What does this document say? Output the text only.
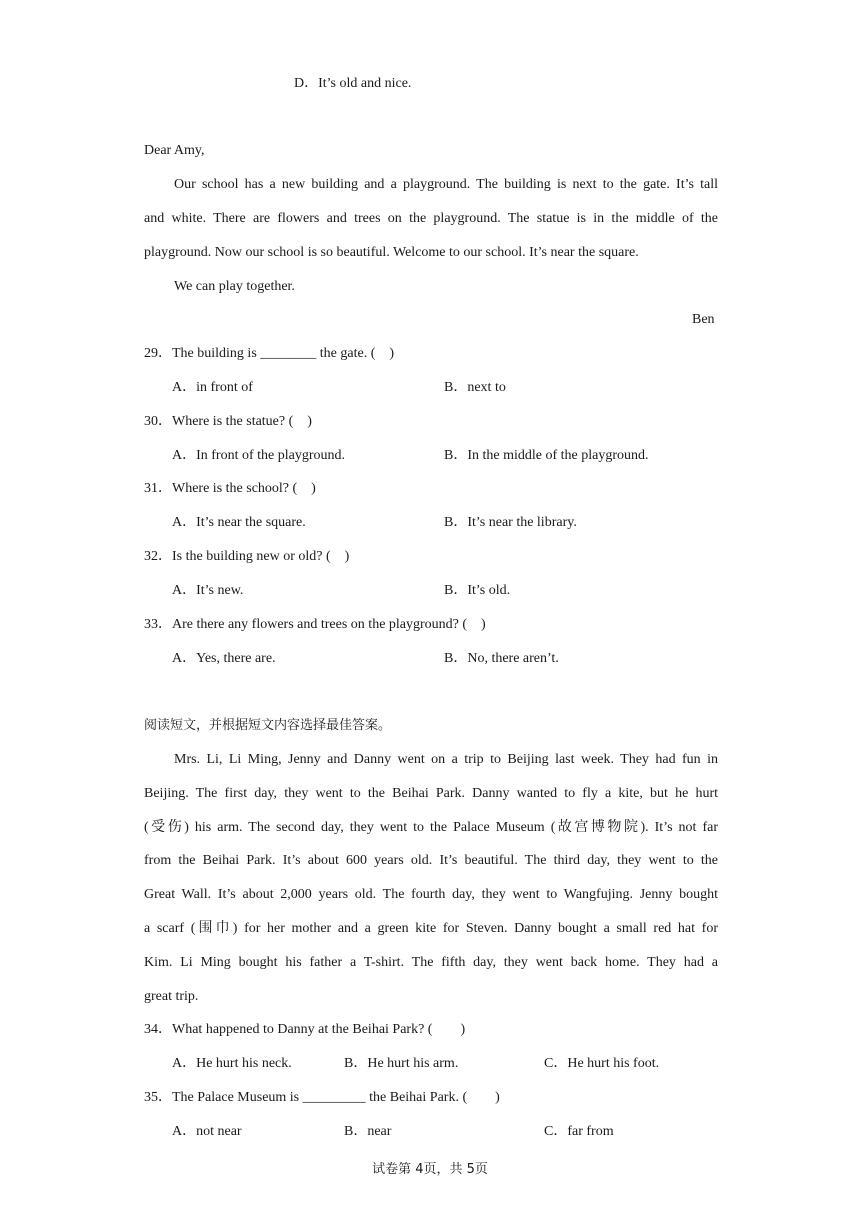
D．It’s old and nice.
Dear Amy,
Our school has a new building and a playground. The building is next to the gate. It’s tall
and white. There are flowers and trees on the playground. The statue is in the middle of the
playground. Now our school is so beautiful. Welcome to our school. It’s near the square.
We can play together.
Ben
29．The building is ________ the gate. (　)
A．in front of	B．next to
30．Where is the statue? (　)
A．In front of the playground.	B．In the middle of the playground.
31．Where is the school? (　)
A．It’s near the square.	B．It’s near the library.
32．Is the building new or old? (　)
A．It’s new.	B．It’s old.
33．Are there any flowers and trees on the playground? (　)
A．Yes, there are.	B．No, there aren’t.
阅读短文，并根据短文内容选择最佳答案。
Mrs. Li, Li Ming, Jenny and Danny went on a trip to Beijing last week. They had fun in
Beijing. The first day, they went to the Beihai Park. Danny wanted to fly a kite, but he hurt
(受伤) his arm. The second day, they went to the Palace Museum (故宫博物院). It’s not far
from the Beihai Park. It’s about 600 years old. It’s beautiful. The third day, they went to the
Great Wall. It’s about 2,000 years old. The fourth day, they went to Wangfujing. Jenny bought
a scarf (围巾) for her mother and a green kite for Steven. Danny bought a small red hat for
Kim. Li Ming bought his father a T-shirt. The fifth day, they went back home. They had a
great trip.
34．What happened to Danny at the Beihai Park? (　　)
A．He hurt his neck.	B．He hurt his arm.	C．He hurt his foot.
35．The Palace Museum is _________ the Beihai Park. (　　)
A．not near	B．near	C．far from
试卷第 4页，共 5页
